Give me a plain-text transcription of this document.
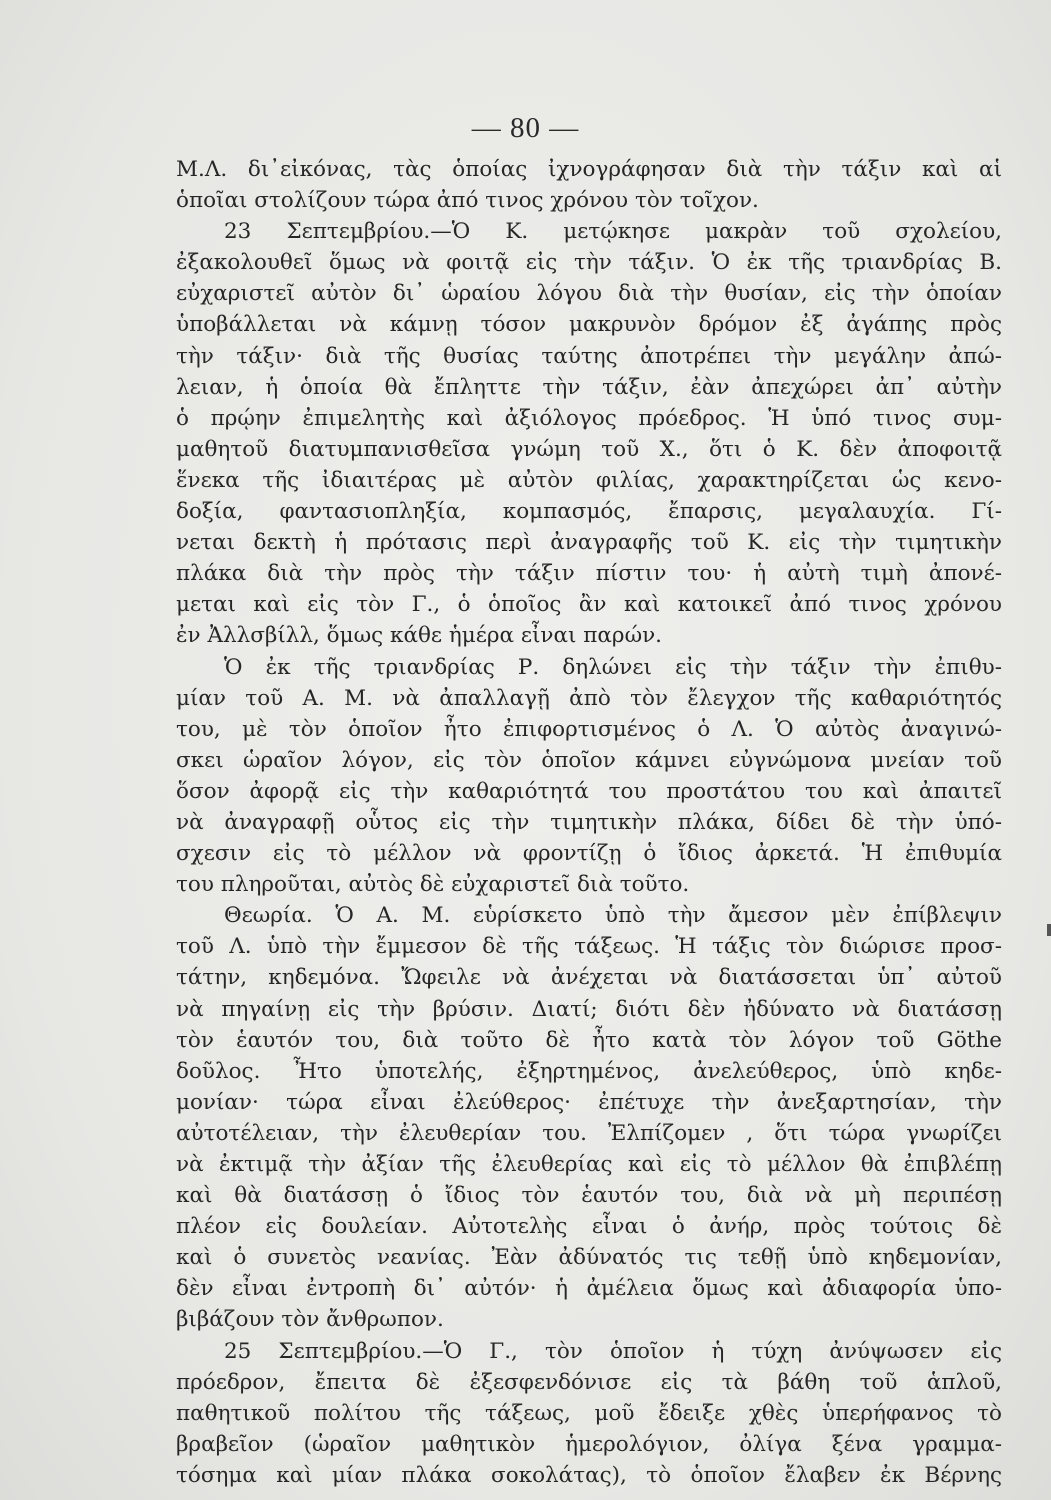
— 80 —
Μ.Λ. δι᾽εἰκόνας, τὰς ὁποίας ἰχνογράφησαν διὰ τὴν τάξιν καὶ αἱ
ὁποῖαι στολίζουν τώρα ἀπό τινος χρόνου τὸν τοῖχον.
23 Σεπτεμβρίου.—Ὁ Κ. μετῴκησε μακρὰν τοῦ σχολείου,
ἐξακολουθεῖ ὅμως νὰ φοιτᾷ εἰς τὴν τάξιν. Ὁ ἐκ τῆς τριανδρίας Β.
εὐχαριστεῖ αὐτὸν δι᾽ ὡραίου λόγου διὰ τὴν θυσίαν, εἰς τὴν ὁποίαν
ὑποβάλλεται νὰ κάμνῃ τόσον μακρυνὸν δρόμον ἐξ ἀγάπης πρὸς
τὴν τάξιν· διὰ τῆς θυσίας ταύτης ἀποτρέπει τὴν μεγάλην ἀπώ-
λειαν, ἡ ὁποία θὰ ἔπληττε τὴν τάξιν, ἐὰν ἀπεχώρει ἀπ᾽ αὐτὴν
ὁ πρῴην ἐπιμελητὴς καὶ ἀξιόλογος πρόεδρος. Ἡ ὑπό τινος συμ-
μαθητοῦ διατυμπανισθεῖσα γνώμη τοῦ Χ., ὅτι ὁ Κ. δὲν ἀποφοιτᾷ
ἕνεκα τῆς ἰδιαιτέρας μὲ αὐτὸν φιλίας, χαρακτηρίζεται ὡς κενο-
δοξία, φαντασιοπληξία, κομπασμός, ἔπαρσις, μεγαλαυχία. Γί-
νεται δεκτὴ ἡ πρότασις περὶ ἀναγραφῆς τοῦ Κ. εἰς τὴν τιμητικὴν
πλάκα διὰ τὴν πρὸς τὴν τάξιν πίστιν του· ἡ αὐτὴ τιμὴ ἀπονέ-
μεται καὶ εἰς τὸν Γ., ὁ ὁποῖος ἂν καὶ κατοικεῖ ἀπό τινος χρόνου
ἐν Ἀλλσβίλλ, ὅμως κάθε ἡμέρα εἶναι παρών.
Ὁ ἐκ τῆς τριανδρίας Ρ. δηλώνει εἰς τὴν τάξιν τὴν ἐπιθυ-
μίαν τοῦ Α. Μ. νὰ ἀπαλλαγῇ ἀπὸ τὸν ἔλεγχον τῆς καθαριότητός
του, μὲ τὸν ὁποῖον ἦτο ἐπιφορτισμένος ὁ Λ. Ὁ αὐτὸς ἀναγινώ-
σκει ὡραῖον λόγον, εἰς τὸν ὁποῖον κάμνει εὐγνώμονα μνείαν τοῦ
ὅσον ἀφορᾷ εἰς τὴν καθαριότητά του προστάτου του καὶ ἀπαιτεῖ
νὰ ἀναγραφῇ οὗτος εἰς τὴν τιμητικὴν πλάκα, δίδει δὲ τὴν ὑπό-
σχεσιν εἰς τὸ μέλλον νὰ φροντίζῃ ὁ ἴδιος ἀρκετά. Ἡ ἐπιθυμία
του πληροῦται, αὐτὸς δὲ εὐχαριστεῖ διὰ τοῦτο.
Θεωρία. Ὁ Α. Μ. εὑρίσκετο ὑπὸ τὴν ἄμεσον μὲν ἐπίβλεψιν
τοῦ Λ. ὑπὸ τὴν ἔμμεσον δὲ τῆς τάξεως. Ἡ τάξις τὸν διώρισε προσ-
τάτην, κηδεμόνα. Ὤφειλε νὰ ἀνέχεται νὰ διατάσσεται ὑπ᾽ αὐτοῦ
νὰ πηγαίνῃ εἰς τὴν βρύσιν. Διατί; διότι δὲν ἠδύνατο νὰ διατάσσῃ
τὸν ἑαυτόν του, διὰ τοῦτο δὲ ἦτο κατὰ τὸν λόγον τοῦ Göthe
δοῦλος. Ἦτο ὑποτελής, ἐξηρτημένος, ἀνελεύθερος, ὑπὸ κηδε-
μονίαν· τώρα εἶναι ἐλεύθερος· ἐπέτυχε τὴν ἀνεξαρτησίαν, τὴν
αὐτοτέλειαν, τὴν ἐλευθερίαν του. Ἐλπίζομεν , ὅτι τώρα γνωρίζει
νὰ ἐκτιμᾷ τὴν ἀξίαν τῆς ἐλευθερίας καὶ εἰς τὸ μέλλον θὰ ἐπιβλέπῃ
καὶ θὰ διατάσσῃ ὁ ἴδιος τὸν ἑαυτόν του, διὰ νὰ μὴ περιπέσῃ
πλέον εἰς δουλείαν. Αὐτοτελὴς εἶναι ὁ ἀνήρ, πρὸς τούτοις δὲ
καὶ ὁ συνετὸς νεανίας. Ἐὰν ἀδύνατός τις τεθῇ ὑπὸ κηδεμονίαν,
δὲν εἶναι ἐντροπὴ δι᾽ αὐτόν· ἡ ἀμέλεια ὅμως καὶ ἀδιαφορία ὑπο-
βιβάζουν τὸν ἄνθρωπον.
25 Σεπτεμβρίου.—Ὁ Γ., τὸν ὁποῖον ἡ τύχη ἀνύψωσεν εἰς
πρόεδρον, ἔπειτα δὲ ἐξεσφενδόνισε εἰς τὰ βάθη τοῦ ἁπλοῦ,
παθητικοῦ πολίτου τῆς τάξεως, μοῦ ἔδειξε χθὲς ὑπερήφανος τὸ
βραβεῖον (ὡραῖον μαθητικὸν ἡμερολόγιον, ὀλίγα ξένα γραμμα-
τόσημα καὶ μίαν πλάκα σοκολάτας), τὸ ὁποῖον ἔλαβεν ἐκ Βέρνης
